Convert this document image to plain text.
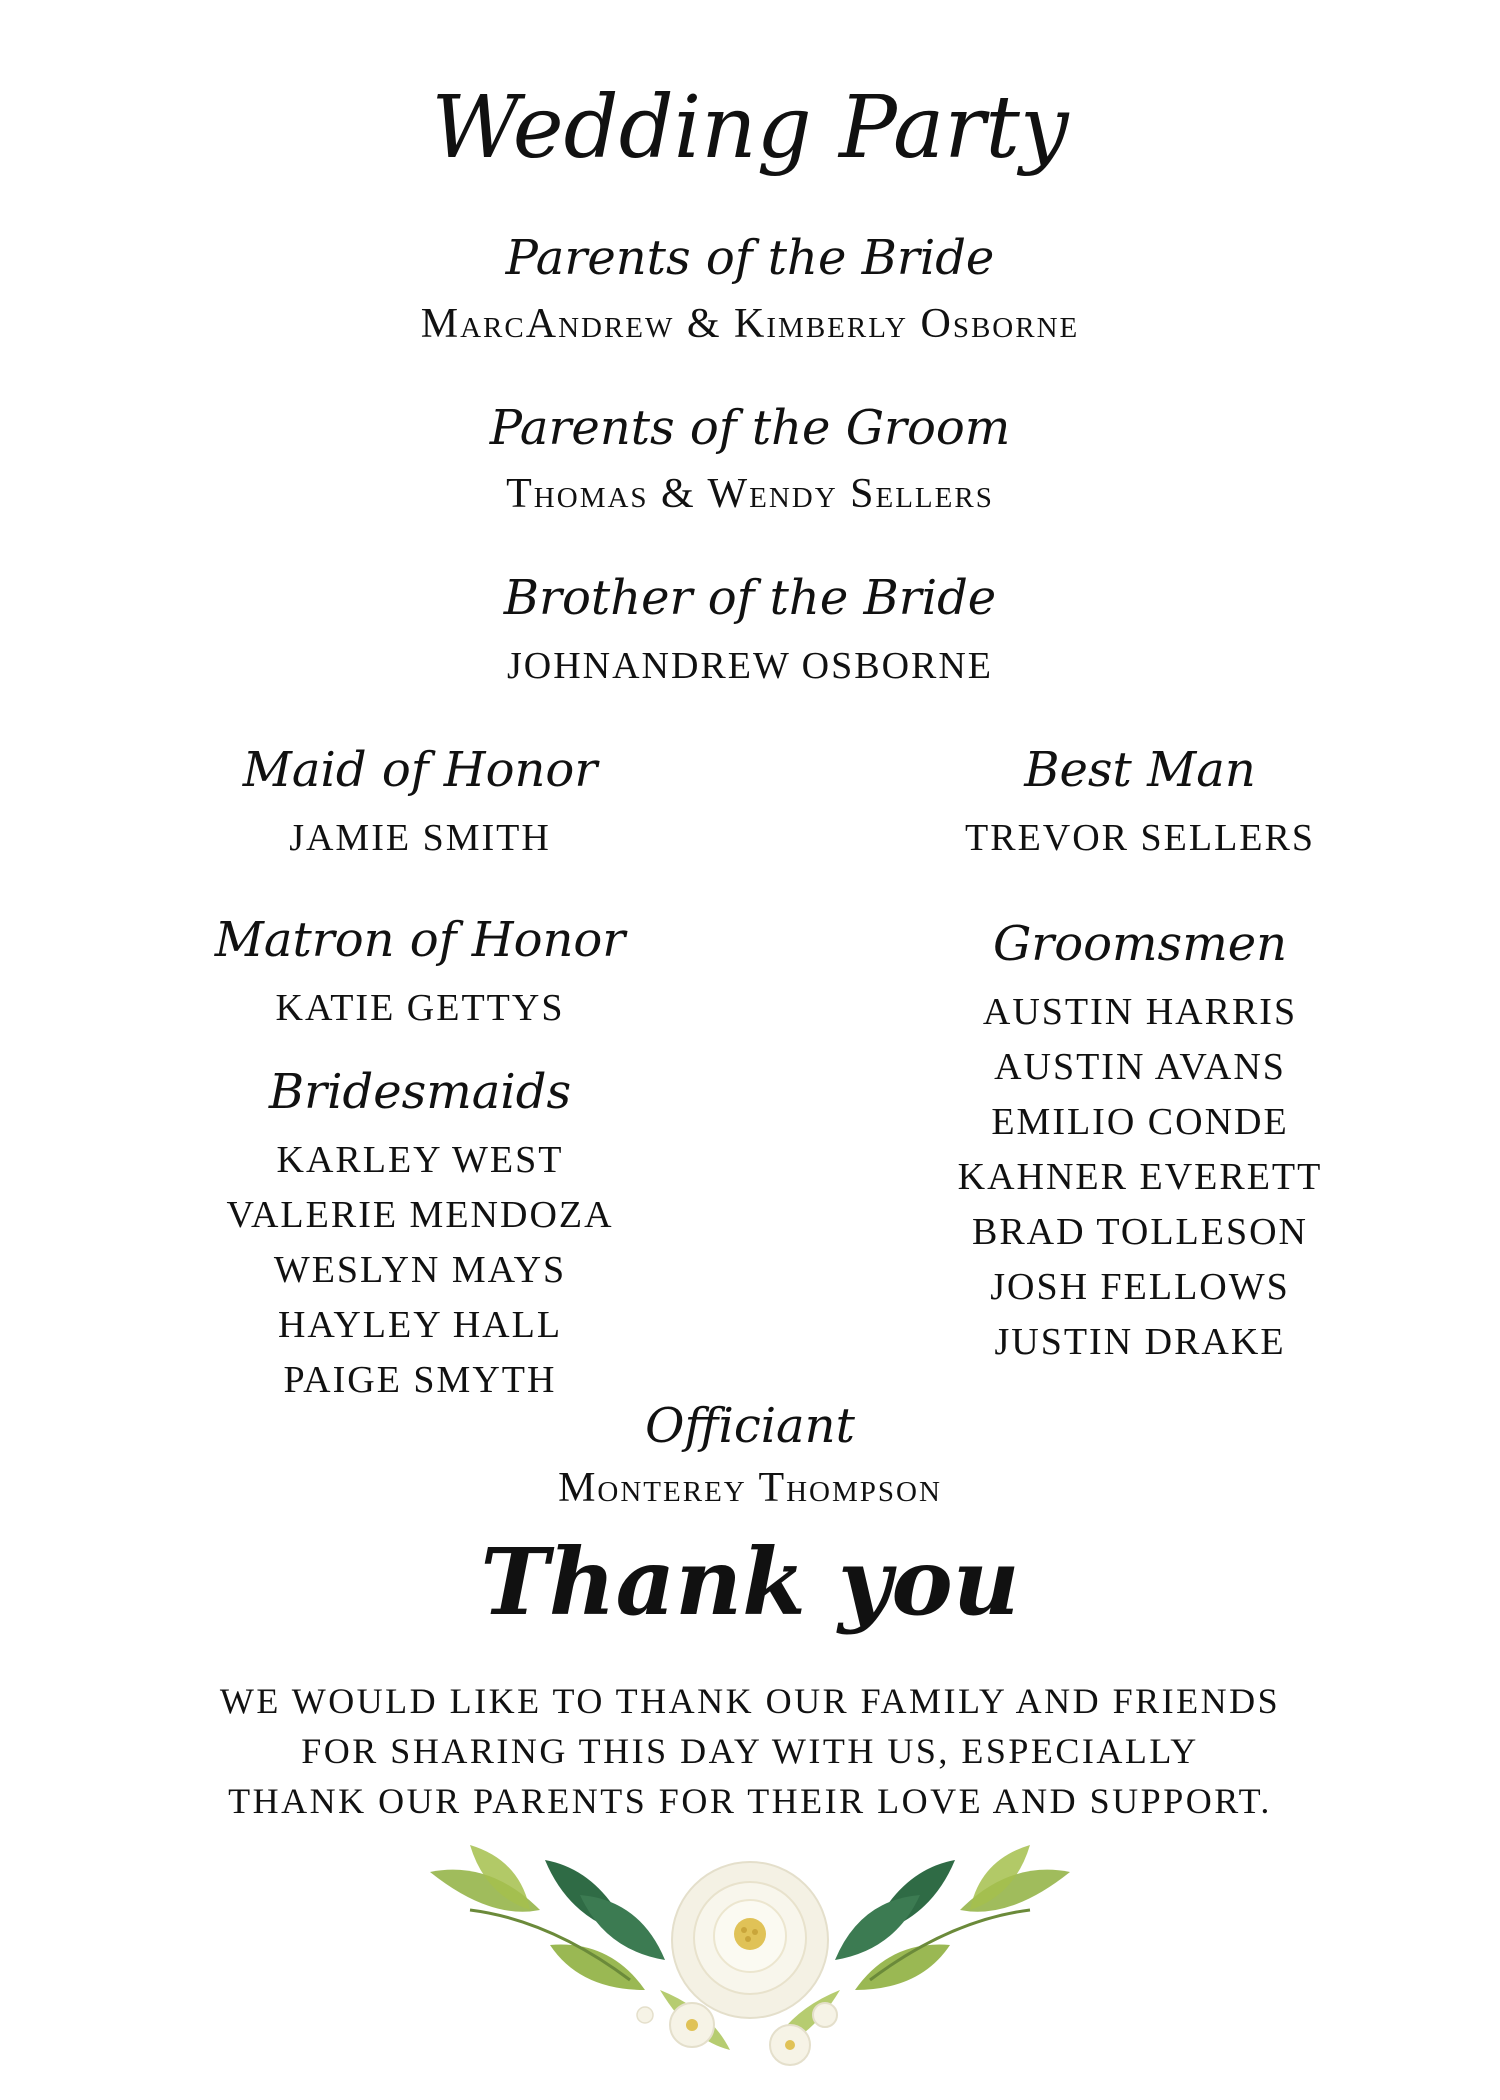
Wedding Party
Parents of the Bride
MarcAndrew & Kimberly Osborne
Parents of the Groom
Thomas & Wendy Sellers
Brother of the Bride
JOHNANDREW OSBORNE
Maid of Honor
JAMIE SMITH
Matron of Honor
KATIE GETTYS
Bridesmaids
KARLEY WEST
VALERIE MENDOZA
WESLYN MAYS
HAYLEY HALL
PAIGE SMYTH
Best Man
TREVOR SELLERS
Groomsmen
AUSTIN HARRIS
AUSTIN AVANS
EMILIO CONDE
KAHNER EVERETT
BRAD TOLLESON
JOSH FELLOWS
JUSTIN DRAKE
Officiant
Monterey Thompson
Thank you
WE WOULD LIKE TO THANK OUR FAMILY AND FRIENDS
FOR SHARING THIS DAY WITH US, ESPECIALLY
THANK OUR PARENTS FOR THEIR LOVE AND SUPPORT.
